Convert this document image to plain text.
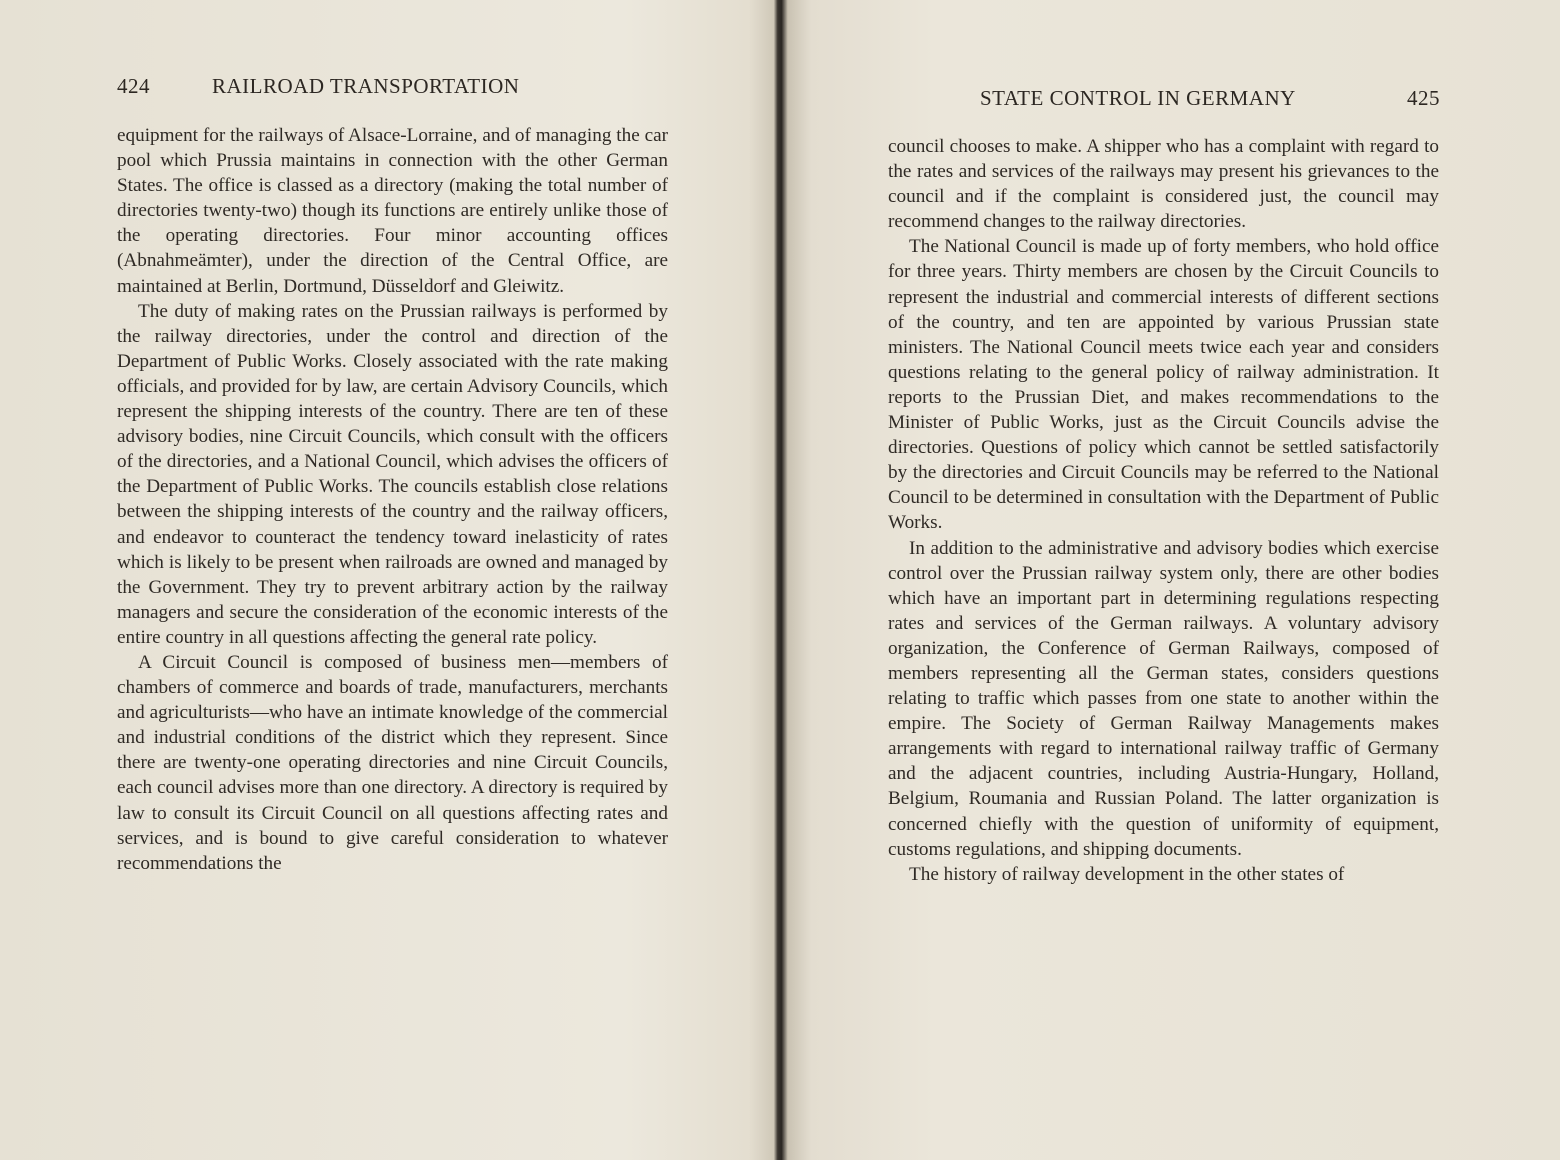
424	RAILROAD TRANSPORTATION

equipment for the railways of Alsace-Lorraine, and of managing the car pool which Prussia maintains in connection with the other German States. The office is classed as a directory (making the total number of directories twenty-two) though its functions are entirely unlike those of the operating directories. Four minor accounting offices (Abnahmeämter), under the direction of the Central Office, are maintained at Berlin, Dortmund, Düsseldorf and Gleiwitz.

The duty of making rates on the Prussian railways is performed by the railway directories, under the control and direction of the Department of Public Works. Closely associated with the rate making officials, and provided for by law, are certain Advisory Councils, which represent the shipping interests of the country. There are ten of these advisory bodies, nine Circuit Councils, which consult with the officers of the directories, and a National Council, which advises the officers of the Department of Public Works. The councils establish close relations between the shipping interests of the country and the railway officers, and endeavor to counteract the tendency toward inelasticity of rates which is likely to be present when railroads are owned and managed by the Government. They try to prevent arbitrary action by the railway managers and secure the consideration of the economic interests of the entire country in all questions affecting the general rate policy.

A Circuit Council is composed of business men—members of chambers of commerce and boards of trade, manufacturers, merchants and agriculturists—who have an intimate knowledge of the commercial and industrial conditions of the district which they represent. Since there are twenty-one operating directories and nine Circuit Councils, each council advises more than one directory. A directory is required by law to consult its Circuit Council on all questions affecting rates and services, and is bound to give careful consideration to whatever recommendations the

STATE CONTROL IN GERMANY	425

council chooses to make. A shipper who has a complaint with regard to the rates and services of the railways may present his grievances to the council and if the complaint is considered just, the council may recommend changes to the railway directories.

The National Council is made up of forty members, who hold office for three years. Thirty members are chosen by the Circuit Councils to represent the industrial and commercial interests of different sections of the country, and ten are appointed by various Prussian state ministers. The National Council meets twice each year and considers questions relating to the general policy of railway administration. It reports to the Prussian Diet, and makes recommendations to the Minister of Public Works, just as the Circuit Councils advise the directories. Questions of policy which cannot be settled satisfactorily by the directories and Circuit Councils may be referred to the National Council to be determined in consultation with the Department of Public Works.

In addition to the administrative and advisory bodies which exercise control over the Prussian railway system only, there are other bodies which have an important part in determining regulations respecting rates and services of the German railways. A voluntary advisory organization, the Conference of German Railways, composed of members representing all the German states, considers questions relating to traffic which passes from one state to another within the empire. The Society of German Railway Managements makes arrangements with regard to international railway traffic of Germany and the adjacent countries, including Austria-Hungary, Holland, Belgium, Roumania and Russian Poland. The latter organization is concerned chiefly with the question of uniformity of equipment, customs regulations, and shipping documents.

The history of railway development in the other states of
